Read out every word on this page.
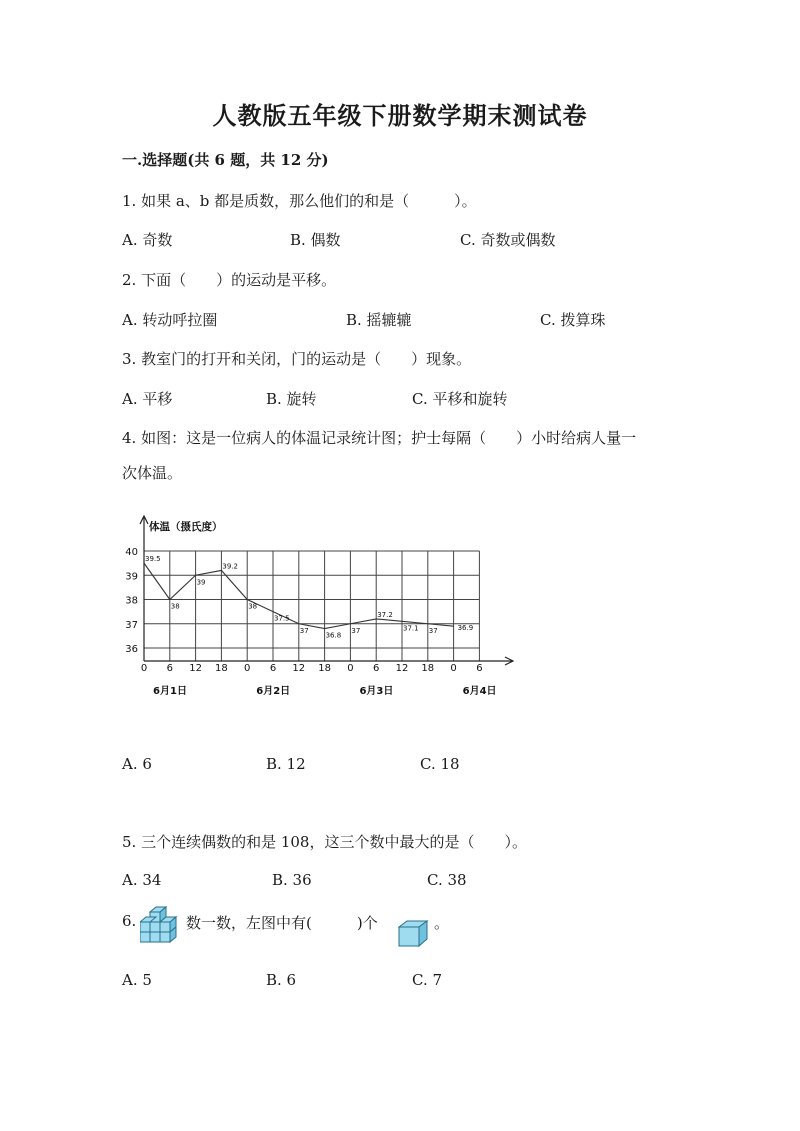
人教版五年级下册数学期末测试卷
一.选择题(共 6 题，共 12 分)
1. 如果 a、b 都是质数，那么他们的和是（　　　）。
A. 奇数	B. 偶数	C. 奇数或偶数
2. 下面（　　）的运动是平移。
A. 转动呼拉圈	B. 摇辘辘	C. 拨算珠
3. 教室门的打开和关闭，门的运动是（　　）现象。
A. 平移	B. 旋转	C. 平移和旋转
4. 如图：这是一位病人的体温记录统计图；护士每隔（　　）小时给病人量一
次体温。
体温（摄氏度）
40
39
38
37
36
0 6 12 18 0 6 12 18 0 6 12 18 0 6
6月1日	6月2日	6月3日	6月4日
39.5
38
39
39.2
38
37.5
37
36.8
37
37.2
37.1 37	36.9
A. 6	B. 12	C. 18
5. 三个连续偶数的和是 108，这三个数中最大的是（　　）。
A. 34	B. 36	C. 38
6.	数一数，左图中有(　　　)个	。
A. 5	B. 6	C. 7
